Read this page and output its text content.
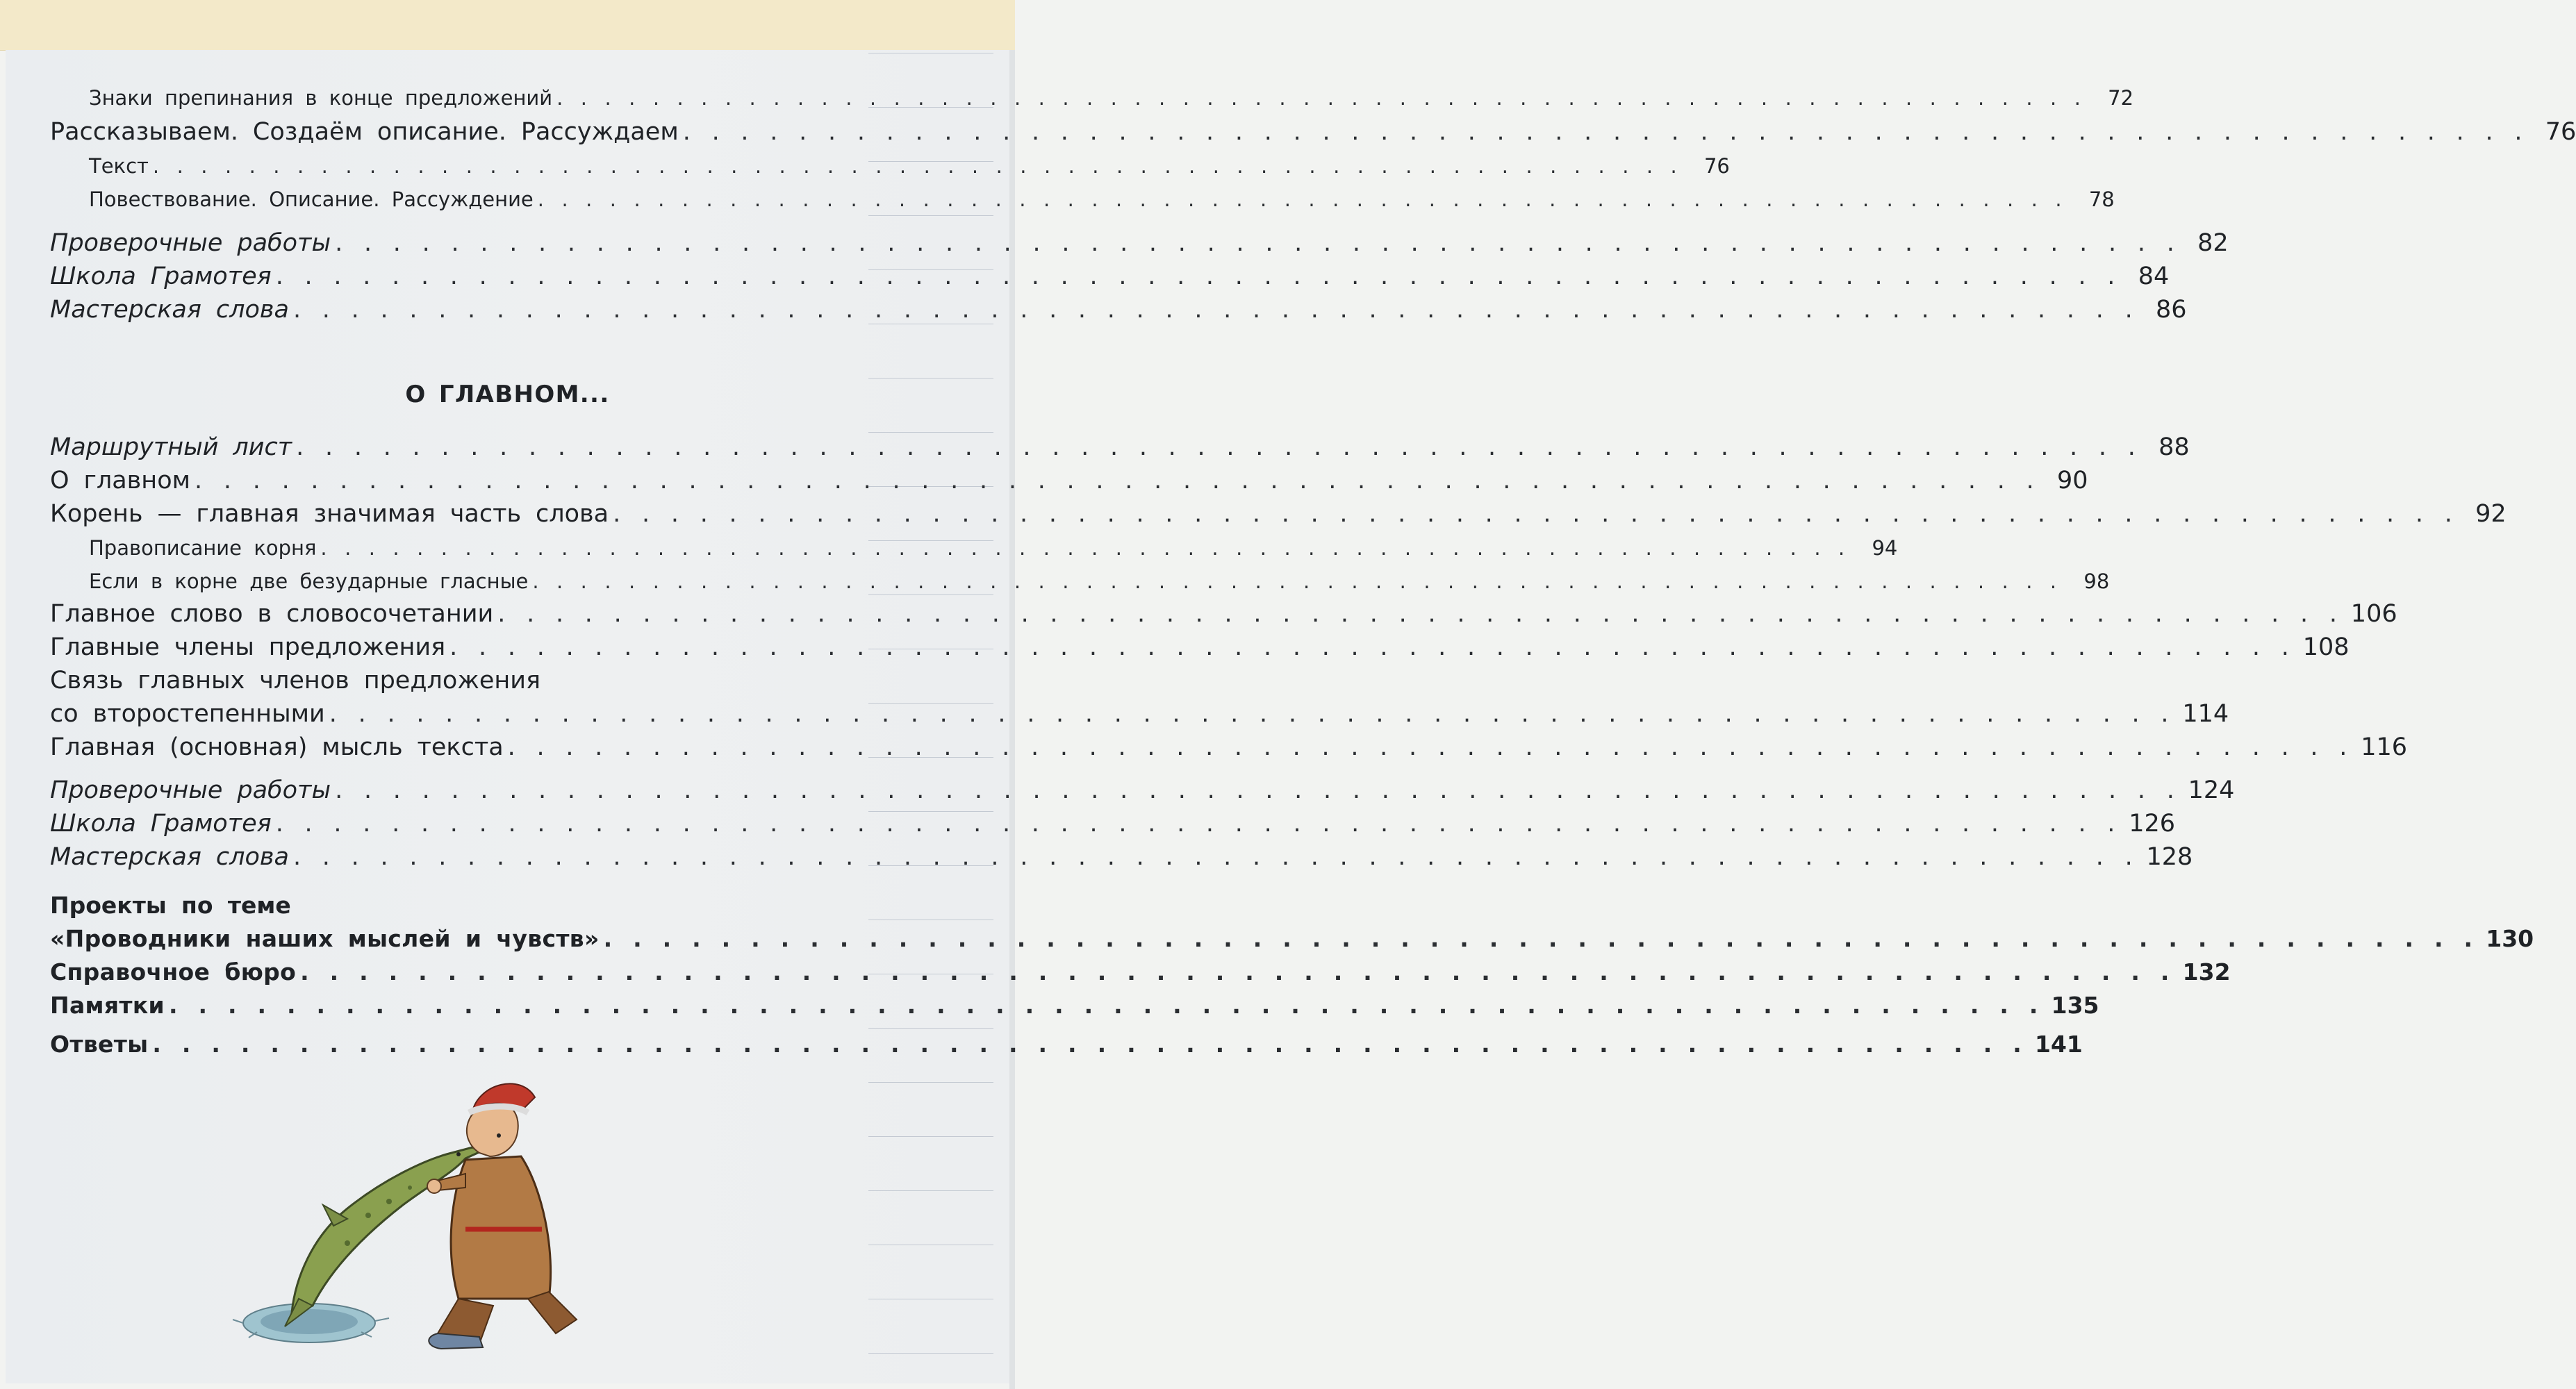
Знаки препинания в конце предложений . . . . . . . . . . . . . . . . . . . . . . . . . . . . . . . . . . . . . . . . . . . . . . . . . . . . . . . . . . . . . . . .	72
Рассказываем. Создаём описание. Рассуждаем . . . . . . . . . . . . . . . . . . . . . . . . . . . . . . . . . . . . . . . . . . . . . . . . . . . . . . . . . . . . . . . . 76
Текст . . . . . . . . . . . . . . . . . . . . . . . . . . . . . . . . . . . . . . . . . . . . . . . . . . . . . . . . . . . . . . . .	76
Повествование. Описание. Рассуждение . . . . . . . . . . . . . . . . . . . . . . . . . . . . . . . . . . . . . . . . . . . . . . . . . . . . . . . . . . . . . . . .	78
Проверочные работы . . . . . . . . . . . . . . . . . . . . . . . . . . . . . . . . . . . . . . . . . . . . . . . . . . . . . . . . . . . . . . . . 82
Школа Грамотея . . . . . . . . . . . . . . . . . . . . . . . . . . . . . . . . . . . . . . . . . . . . . . . . . . . . . . . . . . . . . . . . 84
Мастерская слова . . . . . . . . . . . . . . . . . . . . . . . . . . . . . . . . . . . . . . . . . . . . . . . . . . . . . . . . . . . . . . . . 86
О ГЛАВНОМ...
Маршрутный лист . . . . . . . . . . . . . . . . . . . . . . . . . . . . . . . . . . . . . . . . . . . . . . . . . . . . . . . . . . . . . . . . 88
О главном . . . . . . . . . . . . . . . . . . . . . . . . . . . . . . . . . . . . . . . . . . . . . . . . . . . . . . . . . . . . . . . . 90
Корень — главная значимая часть слова . . . . . . . . . . . . . . . . . . . . . . . . . . . . . . . . . . . . . . . . . . . . . . . . . . . . . . . . . . . . . . . . 92
Правописание корня . . . . . . . . . . . . . . . . . . . . . . . . . . . . . . . . . . . . . . . . . . . . . . . . . . . . . . . . . . . . . . . .	94
Если в корне две безударные гласные . . . . . . . . . . . . . . . . . . . . . . . . . . . . . . . . . . . . . . . . . . . . . . . . . . . . . . . . . . . . . . . .	98
Главное слово в словосочетании . . . . . . . . . . . . . . . . . . . . . . . . . . . . . . . . . . . . . . . . . . . . . . . . . . . . . . . . . . . . . . . . 106
Главные члены предложения . . . . . . . . . . . . . . . . . . . . . . . . . . . . . . . . . . . . . . . . . . . . . . . . . . . . . . . . . . . . . . . . 108
Связь главных членов предложения
со второстепенными . . . . . . . . . . . . . . . . . . . . . . . . . . . . . . . . . . . . . . . . . . . . . . . . . . . . . . . . . . . . . . . . 114
Главная (основная) мысль текста . . . . . . . . . . . . . . . . . . . . . . . . . . . . . . . . . . . . . . . . . . . . . . . . . . . . . . . . . . . . . . . . 116
Проверочные работы . . . . . . . . . . . . . . . . . . . . . . . . . . . . . . . . . . . . . . . . . . . . . . . . . . . . . . . . . . . . . . . . 124
Школа Грамотея . . . . . . . . . . . . . . . . . . . . . . . . . . . . . . . . . . . . . . . . . . . . . . . . . . . . . . . . . . . . . . . . 126
Мастерская слова . . . . . . . . . . . . . . . . . . . . . . . . . . . . . . . . . . . . . . . . . . . . . . . . . . . . . . . . . . . . . . . . 128
Проекты по теме
«Проводники наших мыслей и чувств» . . . . . . . . . . . . . . . . . . . . . . . . . . . . . . . . . . . . . . . . . . . . . . . . . . . . . . . . . . . . . . . . 130
Справочное бюро . . . . . . . . . . . . . . . . . . . . . . . . . . . . . . . . . . . . . . . . . . . . . . . . . . . . . . . . . . . . . . . . 132
Памятки . . . . . . . . . . . . . . . . . . . . . . . . . . . . . . . . . . . . . . . . . . . . . . . . . . . . . . . . . . . . . . . . 135
Ответы . . . . . . . . . . . . . . . . . . . . . . . . . . . . . . . . . . . . . . . . . . . . . . . . . . . . . . . . . . . . . . . . 141
